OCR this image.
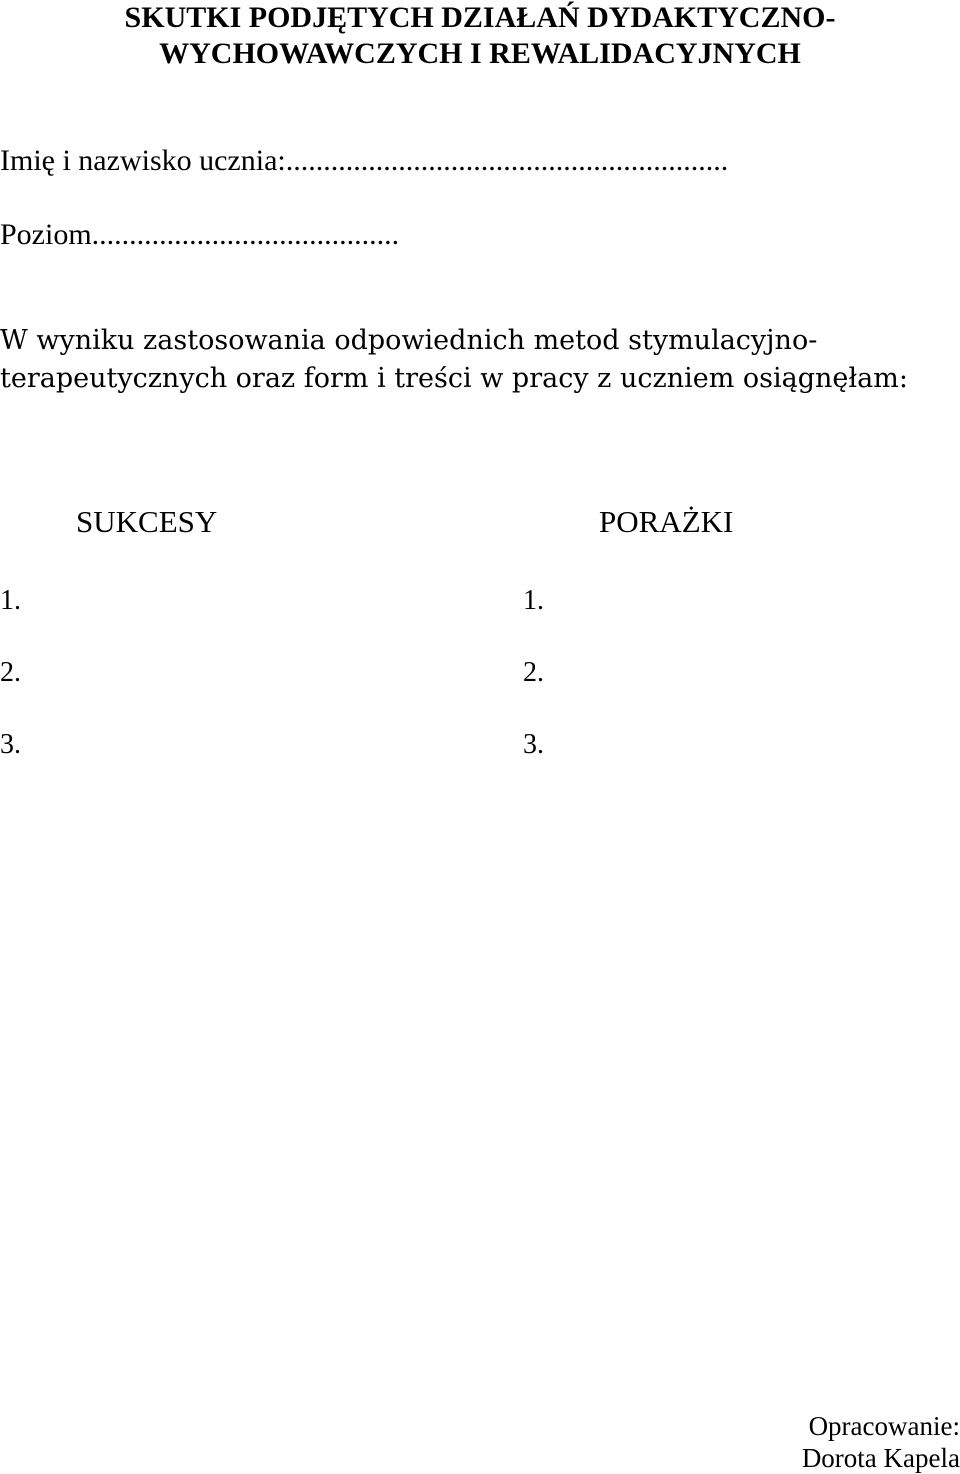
SKUTKI PODJĘTYCH DZIAŁAŃ DYDAKTYCZNO-
WYCHOWAWCZYCH I REWALIDACYJNYCH

Imię i nazwisko ucznia:...........................................................

Poziom.........................................

W wyniku zastosowania odpowiednich metod stymulacyjno-
terapeutycznych oraz form i treści w pracy z uczniem osiągnęłam:

SUKCESY
1.
2.
3.
PORAŻKI
1.
2.
3.
Opracowanie:
Dorota Kapela
